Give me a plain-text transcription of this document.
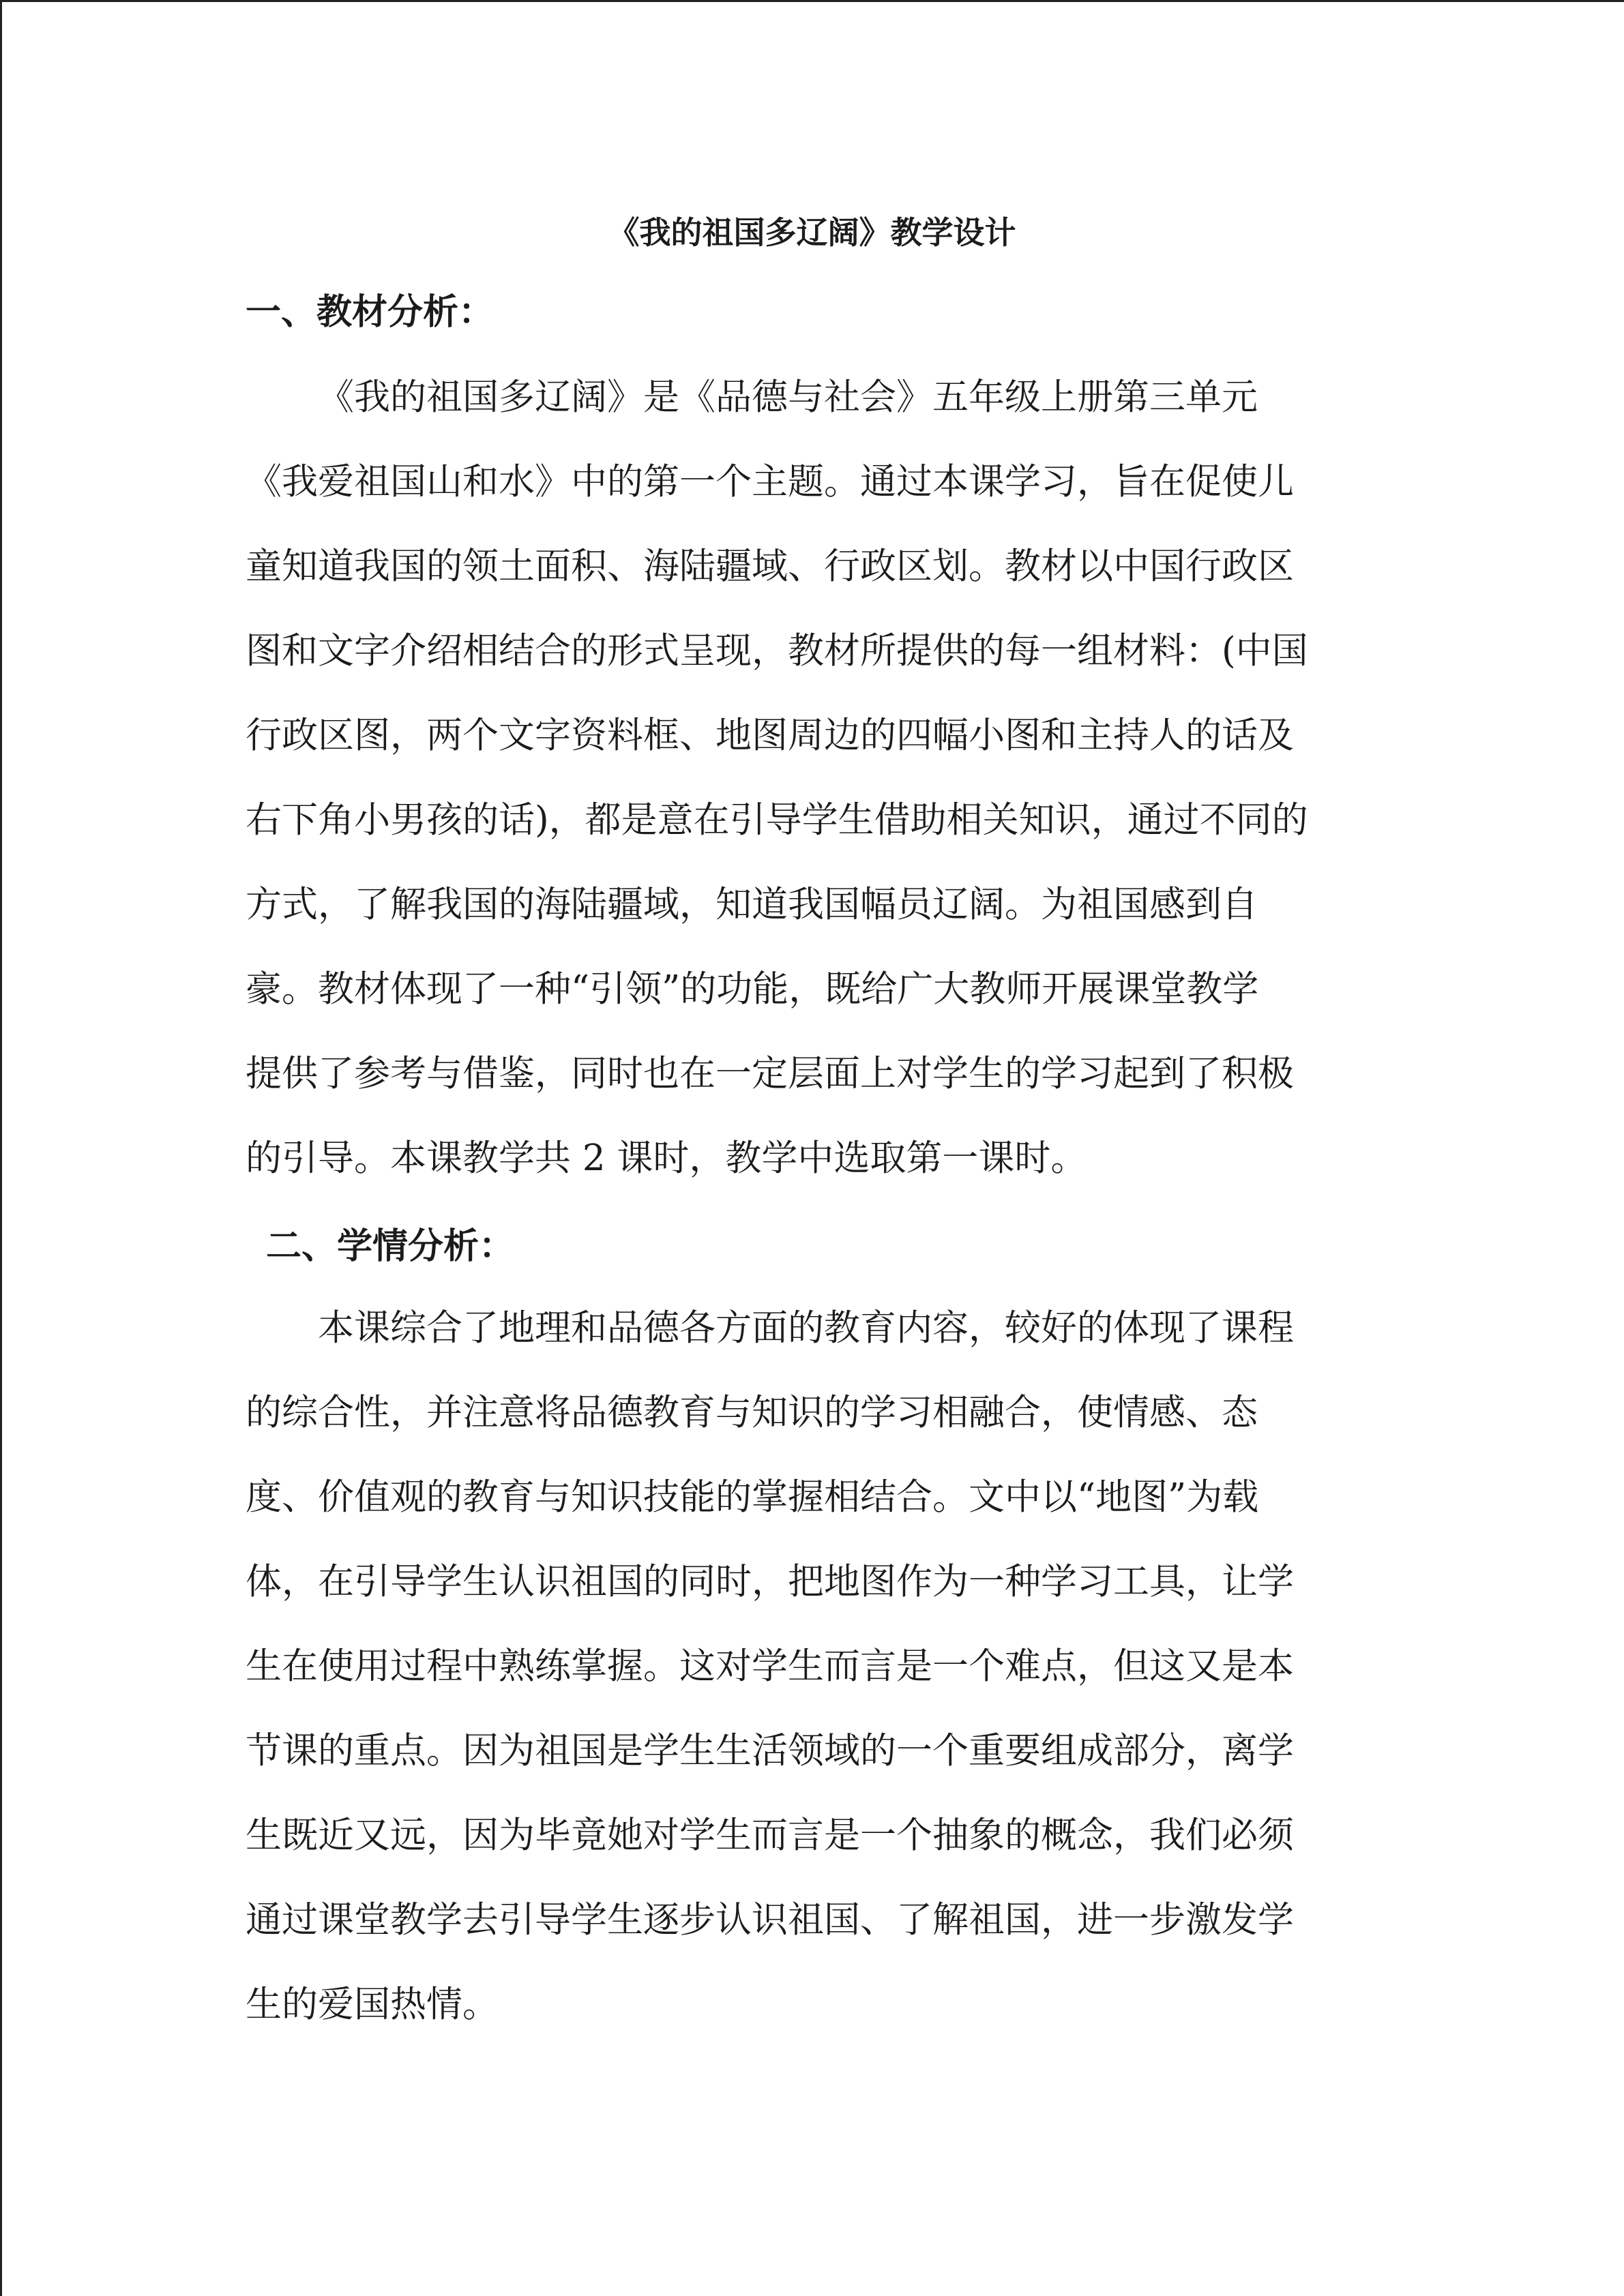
《我的祖国多辽阔》教学设计
一、教材分析：

《我的祖国多辽阔》是《品德与社会》五年级上册第三单元

《我爱祖国山和水》中的第一个主题。通过本课学习，旨在促使儿

童知道我国的领土面积、海陆疆域、行政区划。教材以中国行政区

图和文字介绍相结合的形式呈现，教材所提供的每一组材料：(中国

行政区图，两个文字资料框、地图周边的四幅小图和主持人的话及

右下角小男孩的话)，都是意在引导学生借助相关知识，通过不同的

方式，了解我国的海陆疆域，知道我国幅员辽阔。为祖国感到自

豪。教材体现了一种“引领”的功能，既给广大教师开展课堂教学

提供了参考与借鉴，同时也在一定层面上对学生的学习起到了积极

的引导。本课教学共 2 课时，教学中选取第一课时。

二、学情分析：

本课综合了地理和品德各方面的教育内容，较好的体现了课程

的综合性，并注意将品德教育与知识的学习相融合，使情感、态

度、价值观的教育与知识技能的掌握相结合。文中以“地图”为载

体，在引导学生认识祖国的同时，把地图作为一种学习工具，让学

生在使用过程中熟练掌握。这对学生而言是一个难点，但这又是本

节课的重点。因为祖国是学生生活领域的一个重要组成部分，离学

生既近又远，因为毕竟她对学生而言是一个抽象的概念，我们必须

通过课堂教学去引导学生逐步认识祖国、了解祖国，进一步激发学

生的爱国热情。
